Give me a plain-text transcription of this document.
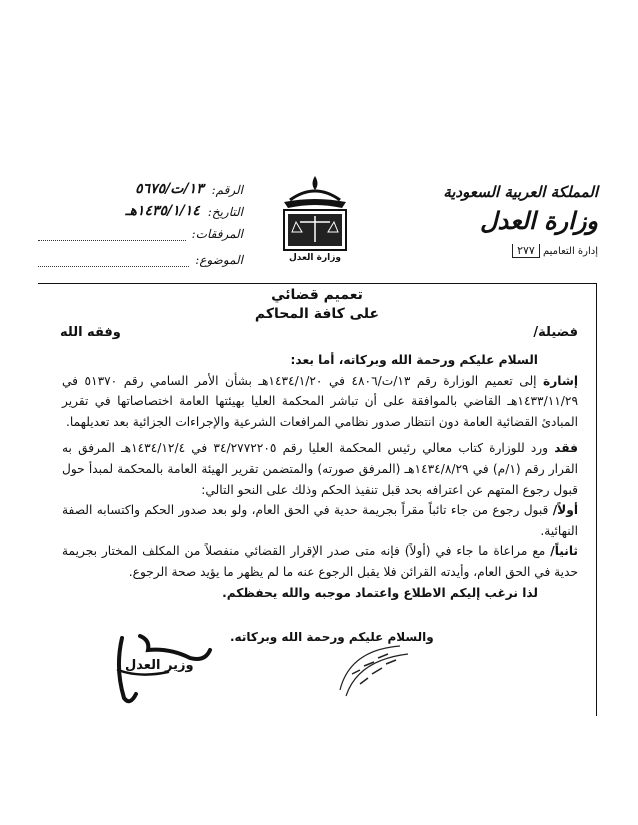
المملكة العربية السعودية
وزارة العدل
إدارة التعاميم ٢٧٧
وزارة العدل
الرقم:
١٣/ت/٥٦٧٥
التاريخ:
١٤٣٥/١/١٤هـ
المرفقات:
الموضوع:
تعميم قضائي
على كافة المحاكم
فضيلة/
وفقه الله

السلام عليكم ورحمة الله وبركاته، أما بعد:

إشارة إلى تعميم الوزارة رقم ١٣/ت/٤٨٠٦ في ١٤٣٤/١/٢٠هـ بشأن الأمر السامي رقم ٥١٣٧٠ في ١٤٣٣/١١/٢٩هـ القاضي بالموافقة على أن تباشر المحكمة العليا بهيئتها العامة اختصاصاتها في تقرير المبادئ القضائية العامة دون انتظار صدور نظامي المرافعات الشرعية والإجراءات الجزائية بعد تعديلهما.

فقد ورد للوزارة كتاب معالي رئيس المحكمة العليا رقم ٣٤/٢٧٧٢٢٠٥ في ١٤٣٤/١٢/٤هـ المرفق به القرار رقم (١/م) في ١٤٣٤/٨/٢٩هـ (المرفق صورته) والمتضمن تقرير الهيئة العامة بالمحكمة لمبدأ حول قبول رجوع المتهم عن اعترافه بحد قبل تنفيذ الحكم وذلك على النحو التالي:

أولاً/ قبول رجوع من جاء تائباً مقراً بجريمة حدية في الحق العام، ولو بعد صدور الحكم واكتسابه الصفة النهائية.

ثانياً/ مع مراعاة ما جاء في (أولاً) فإنه متى صدر الإقرار القضائي منفصلاً من المكلف المختار بجريمة حدية في الحق العام، وأيدته القرائن فلا يقبل الرجوع عنه ما لم يظهر ما يؤيد صحة الرجوع.

لذا نرغب إليكم الاطلاع واعتماد موجبه والله يحفظكم.

والسلام عليكم ورحمة الله وبركاته.
وزير العدل
